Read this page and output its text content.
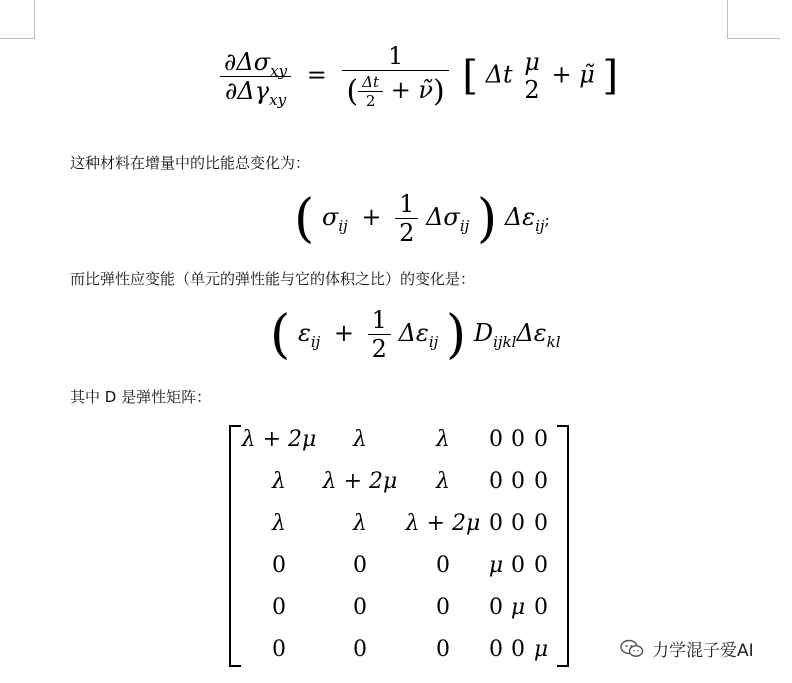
$\frac{\partial\Delta\sigma_{xy}}{\partial\Delta\gamma_{xy}} = \frac{1}{( \frac{\Delta t}{2} + \nũ)}$ [ Δt μ
2
+ μ̃ ]
这种材料在增量中的比能总变化为：
( $\sigma_{ij} + \frac{1}{2} \Delta\sigma_{ij}$ ) $\Delta\varepsilon_{ij}$;
而比弹性应变能（单元的弹性能与它的体积之比）的变化是：
( $\varepsilon_{ij} + \frac{1}{2} \Delta\varepsilon_{ij}$ ) $D_{ijkl}\Delta\varepsilon_{kl}$
其中 D 是弹性矩阵：
λ + 2μ	λ	λ	0 0 0
λ	λ + 2μ	λ	0 0 0
λ	λ	λ + 2μ 0 0 0
0	0	0	μ 0 0
0	0	0	0 μ 0
0	0	0	0 0 μ	力学混子爱AI
